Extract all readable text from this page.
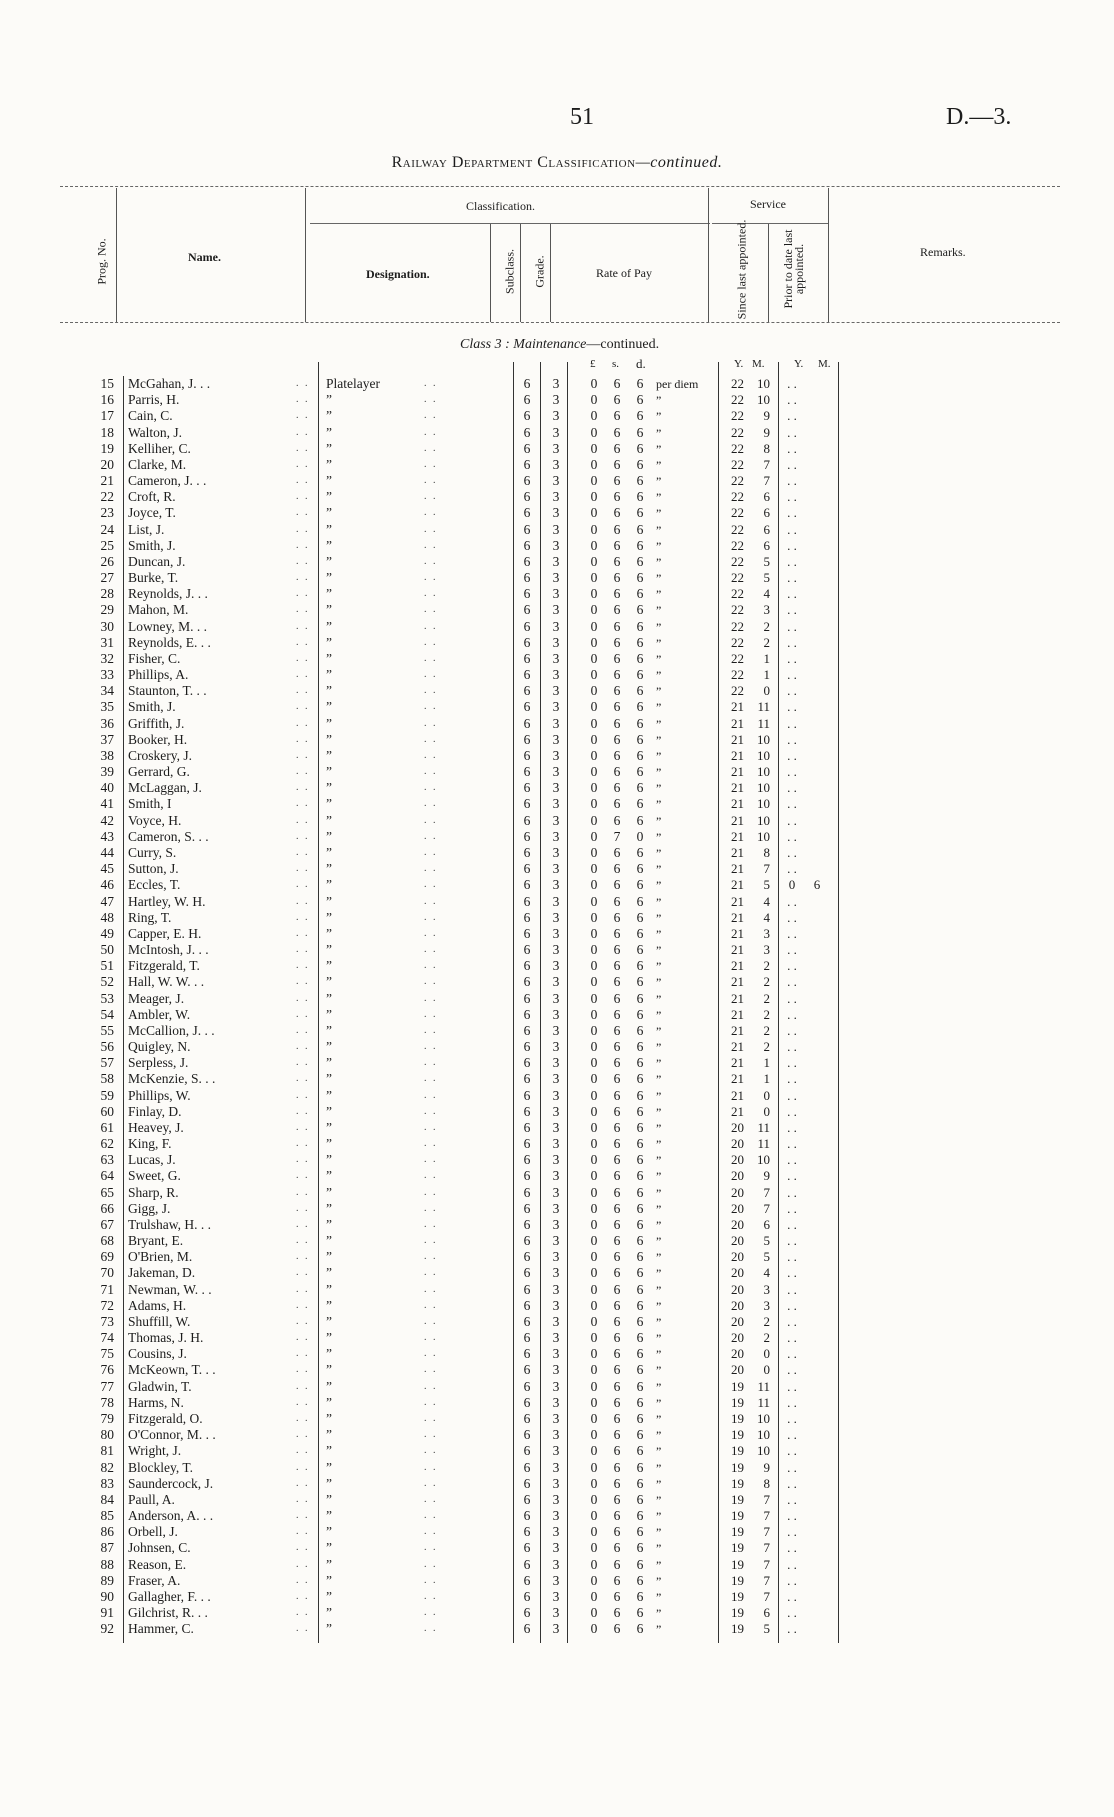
51	D.—3.
Railway Department Classification—continued.
Prog. No.	Name.
Classification.
Designation.	Subclass. Grade.	Rate of Pay
Service
Since last appointed.	Prior to date last appointed.	Remarks.
Class 3 : Maintenance—continued.
£ s. d.	Y. M.	Y. M.
15 McGahan, J. . .	. . Platelayer	. .	6 3 0 6 6 per diem	22	10	. .
16 Parris, H.	. . ”	. .	6 3 0 6 6 ”	22	10	. .
17 Cain, C.	. . ”	. .	6 3 0 6 6 ”	22	9	. .
18 Walton, J.	. . ”	. .	6 3 0 6 6 ”	22	9	. .
19 Kelliher, C.	. . ”	. .	6 3 0 6 6 ”	22	8	. .
20 Clarke, M.	. . ”	. .	6 3 0 6 6 ”	22	7	. .
21 Cameron, J. . .	. . ”	. .	6 3 0 6 6 ”	22	7	. .
22 Croft, R.	. . ”	. .	6 3 0 6 6 ”	22	6	. .
23 Joyce, T.	. . ”	. .	6 3 0 6 6 ”	22	6	. .
24 List, J.	. . ”	. .	6 3 0 6 6 ”	22	6	. .
25 Smith, J.	. . ”	. .	6 3 0 6 6 ”	22	6	. .
26 Duncan, J.	. . ”	. .	6 3 0 6 6 ”	22	5	. .
27 Burke, T.	. . ”	. .	6 3 0 6 6 ”	22	5	. .
28 Reynolds, J. . .	. . ”	. .	6 3 0 6 6 ”	22	4	. .
29 Mahon, M.	. . ”	. .	6 3 0 6 6 ”	22	3	. .
30 Lowney, M. . .	. . ”	. .	6 3 0 6 6 ”	22	2	. .
31 Reynolds, E. . .	. . ”	. .	6 3 0 6 6 ”	22	2	. .
32 Fisher, C.	. . ”	. .	6 3 0 6 6 ”	22	1	. .
33 Phillips, A.	. . ”	. .	6 3 0 6 6 ”	22	1	. .
34 Staunton, T. . .	. . ”	. .	6 3 0 6 6 ”	22	0	. .
35 Smith, J.	. . ”	. .	6 3 0 6 6 ”	21	11	. .
36 Griffith, J.	. . ”	. .	6 3 0 6 6 ”	21	11	. .
37 Booker, H.	. . ”	. .	6 3 0 6 6 ”	21	10	. .
38 Croskery, J.	. . ”	. .	6 3 0 6 6 ”	21	10	. .
39 Gerrard, G.	. . ”	. .	6 3 0 6 6 ”	21	10	. .
40 McLaggan, J.	. . ”	. .	6 3 0 6 6 ”	21	10	. .
41 Smith, I	. . ”	. .	6 3 0 6 6 ”	21	10	. .
42 Voyce, H.	. . ”	. .	6 3 0 6 6 ”	21	10	. .
43 Cameron, S. . .	. . ”	. .	6 3 0 7 0 ”	21	10	. .
44 Curry, S.	. . ”	. .	6 3 0 6 6 ”	21	8	. .
45 Sutton, J.	. . ”	. .	6 3 0 6 6 ”	21	7	. .
46 Eccles, T.	. . ”	. .	6 3 0 6 6 ”	21	5	0	6
47 Hartley, W. H.	. . ”	. .	6 3 0 6 6 ”	21	4	. .
48 Ring, T.	. . ”	. .	6 3 0 6 6 ”	21	4	. .
49 Capper, E. H.	. . ”	. .	6 3 0 6 6 ”	21	3	. .
50 McIntosh, J. . .	. . ”	. .	6 3 0 6 6 ”	21	3	. .
51 Fitzgerald, T.	. . ”	. .	6 3 0 6 6 ”	21	2	. .
52 Hall, W. W. . .	. . ”	. .	6 3 0 6 6 ”	21	2	. .
53 Meager, J.	. . ”	. .	6 3 0 6 6 ”	21	2	. .
54 Ambler, W.	. . ”	. .	6 3 0 6 6 ”	21	2	. .
55 McCallion, J. . .	. . ”	. .	6 3 0 6 6 ”	21	2	. .
56 Quigley, N.	. . ”	. .	6 3 0 6 6 ”	21	2	. .
57 Serpless, J.	. . ”	. .	6 3 0 6 6 ”	21	1	. .
58 McKenzie, S. . .	. . ”	. .	6 3 0 6 6 ”	21	1	. .
59 Phillips, W.	. . ”	. .	6 3 0 6 6 ”	21	0	. .
60 Finlay, D.	. . ”	. .	6 3 0 6 6 ”	21	0	. .
61 Heavey, J.	. . ”	. .	6 3 0 6 6 ”	20	11	. .
62 King, F.	. . ”	. .	6 3 0 6 6 ”	20	11	. .
63 Lucas, J.	. . ”	. .	6 3 0 6 6 ”	20	10	. .
64 Sweet, G.	. . ”	. .	6 3 0 6 6 ”	20	9	. .
65 Sharp, R.	. . ”	. .	6 3 0 6 6 ”	20	7	. .
66 Gigg, J.	. . ”	. .	6 3 0 6 6 ”	20	7	. .
67 Trulshaw, H. . .	. . ”	. .	6 3 0 6 6 ”	20	6	. .
68 Bryant, E.	. . ”	. .	6 3 0 6 6 ”	20	5	. .
69 O'Brien, M.	. . ”	. .	6 3 0 6 6 ”	20	5	. .
70 Jakeman, D.	. . ”	. .	6 3 0 6 6 ”	20	4	. .
71 Newman, W. . .	. . ”	. .	6 3 0 6 6 ”	20	3	. .
72 Adams, H.	. . ”	. .	6 3 0 6 6 ”	20	3	. .
73 Shuffill, W.	. . ”	. .	6 3 0 6 6 ”	20	2	. .
74 Thomas, J. H.	. . ”	. .	6 3 0 6 6 ”	20	2	. .
75 Cousins, J.	. . ”	. .	6 3 0 6 6 ”	20	0	. .
76 McKeown, T. . .	. . ”	. .	6 3 0 6 6 ”	20	0	. .
77 Gladwin, T.	. . ”	. .	6 3 0 6 6 ”	19	11	. .
78 Harms, N.	. . ”	. .	6 3 0 6 6 ”	19	11	. .
79 Fitzgerald, O.	. . ”	. .	6 3 0 6 6 ”	19	10	. .
80 O'Connor, M. . .	. . ”	. .	6 3 0 6 6 ”	19	10	. .
81 Wright, J.	. . ”	. .	6 3 0 6 6 ”	19	10	. .
82 Blockley, T.	. . ”	. .	6 3 0 6 6 ”	19	9	. .
83 Saundercock, J.	. . ”	. .	6 3 0 6 6 ”	19	8	. .
84 Paull, A.	. . ”	. .	6 3 0 6 6 ”	19	7	. .
85 Anderson, A. . .	. . ”	. .	6 3 0 6 6 ”	19	7	. .
86 Orbell, J.	. . ”	. .	6 3 0 6 6 ”	19	7	. .
87 Johnsen, C.	. . ”	. .	6 3 0 6 6 ”	19	7	. .
88 Reason, E.	. . ”	. .	6 3 0 6 6 ”	19	7	. .
89 Fraser, A.	. . ”	. .	6 3 0 6 6 ”	19	7	. .
90 Gallagher, F. . .	. . ”	. .	6 3 0 6 6 ”	19	7	. .
91 Gilchrist, R. . .	. . ”	. .	6 3 0 6 6 ”	19	6	. .
92 Hammer, C.	. . ”	. .	6 3 0 6 6 ”	19	5	. .
